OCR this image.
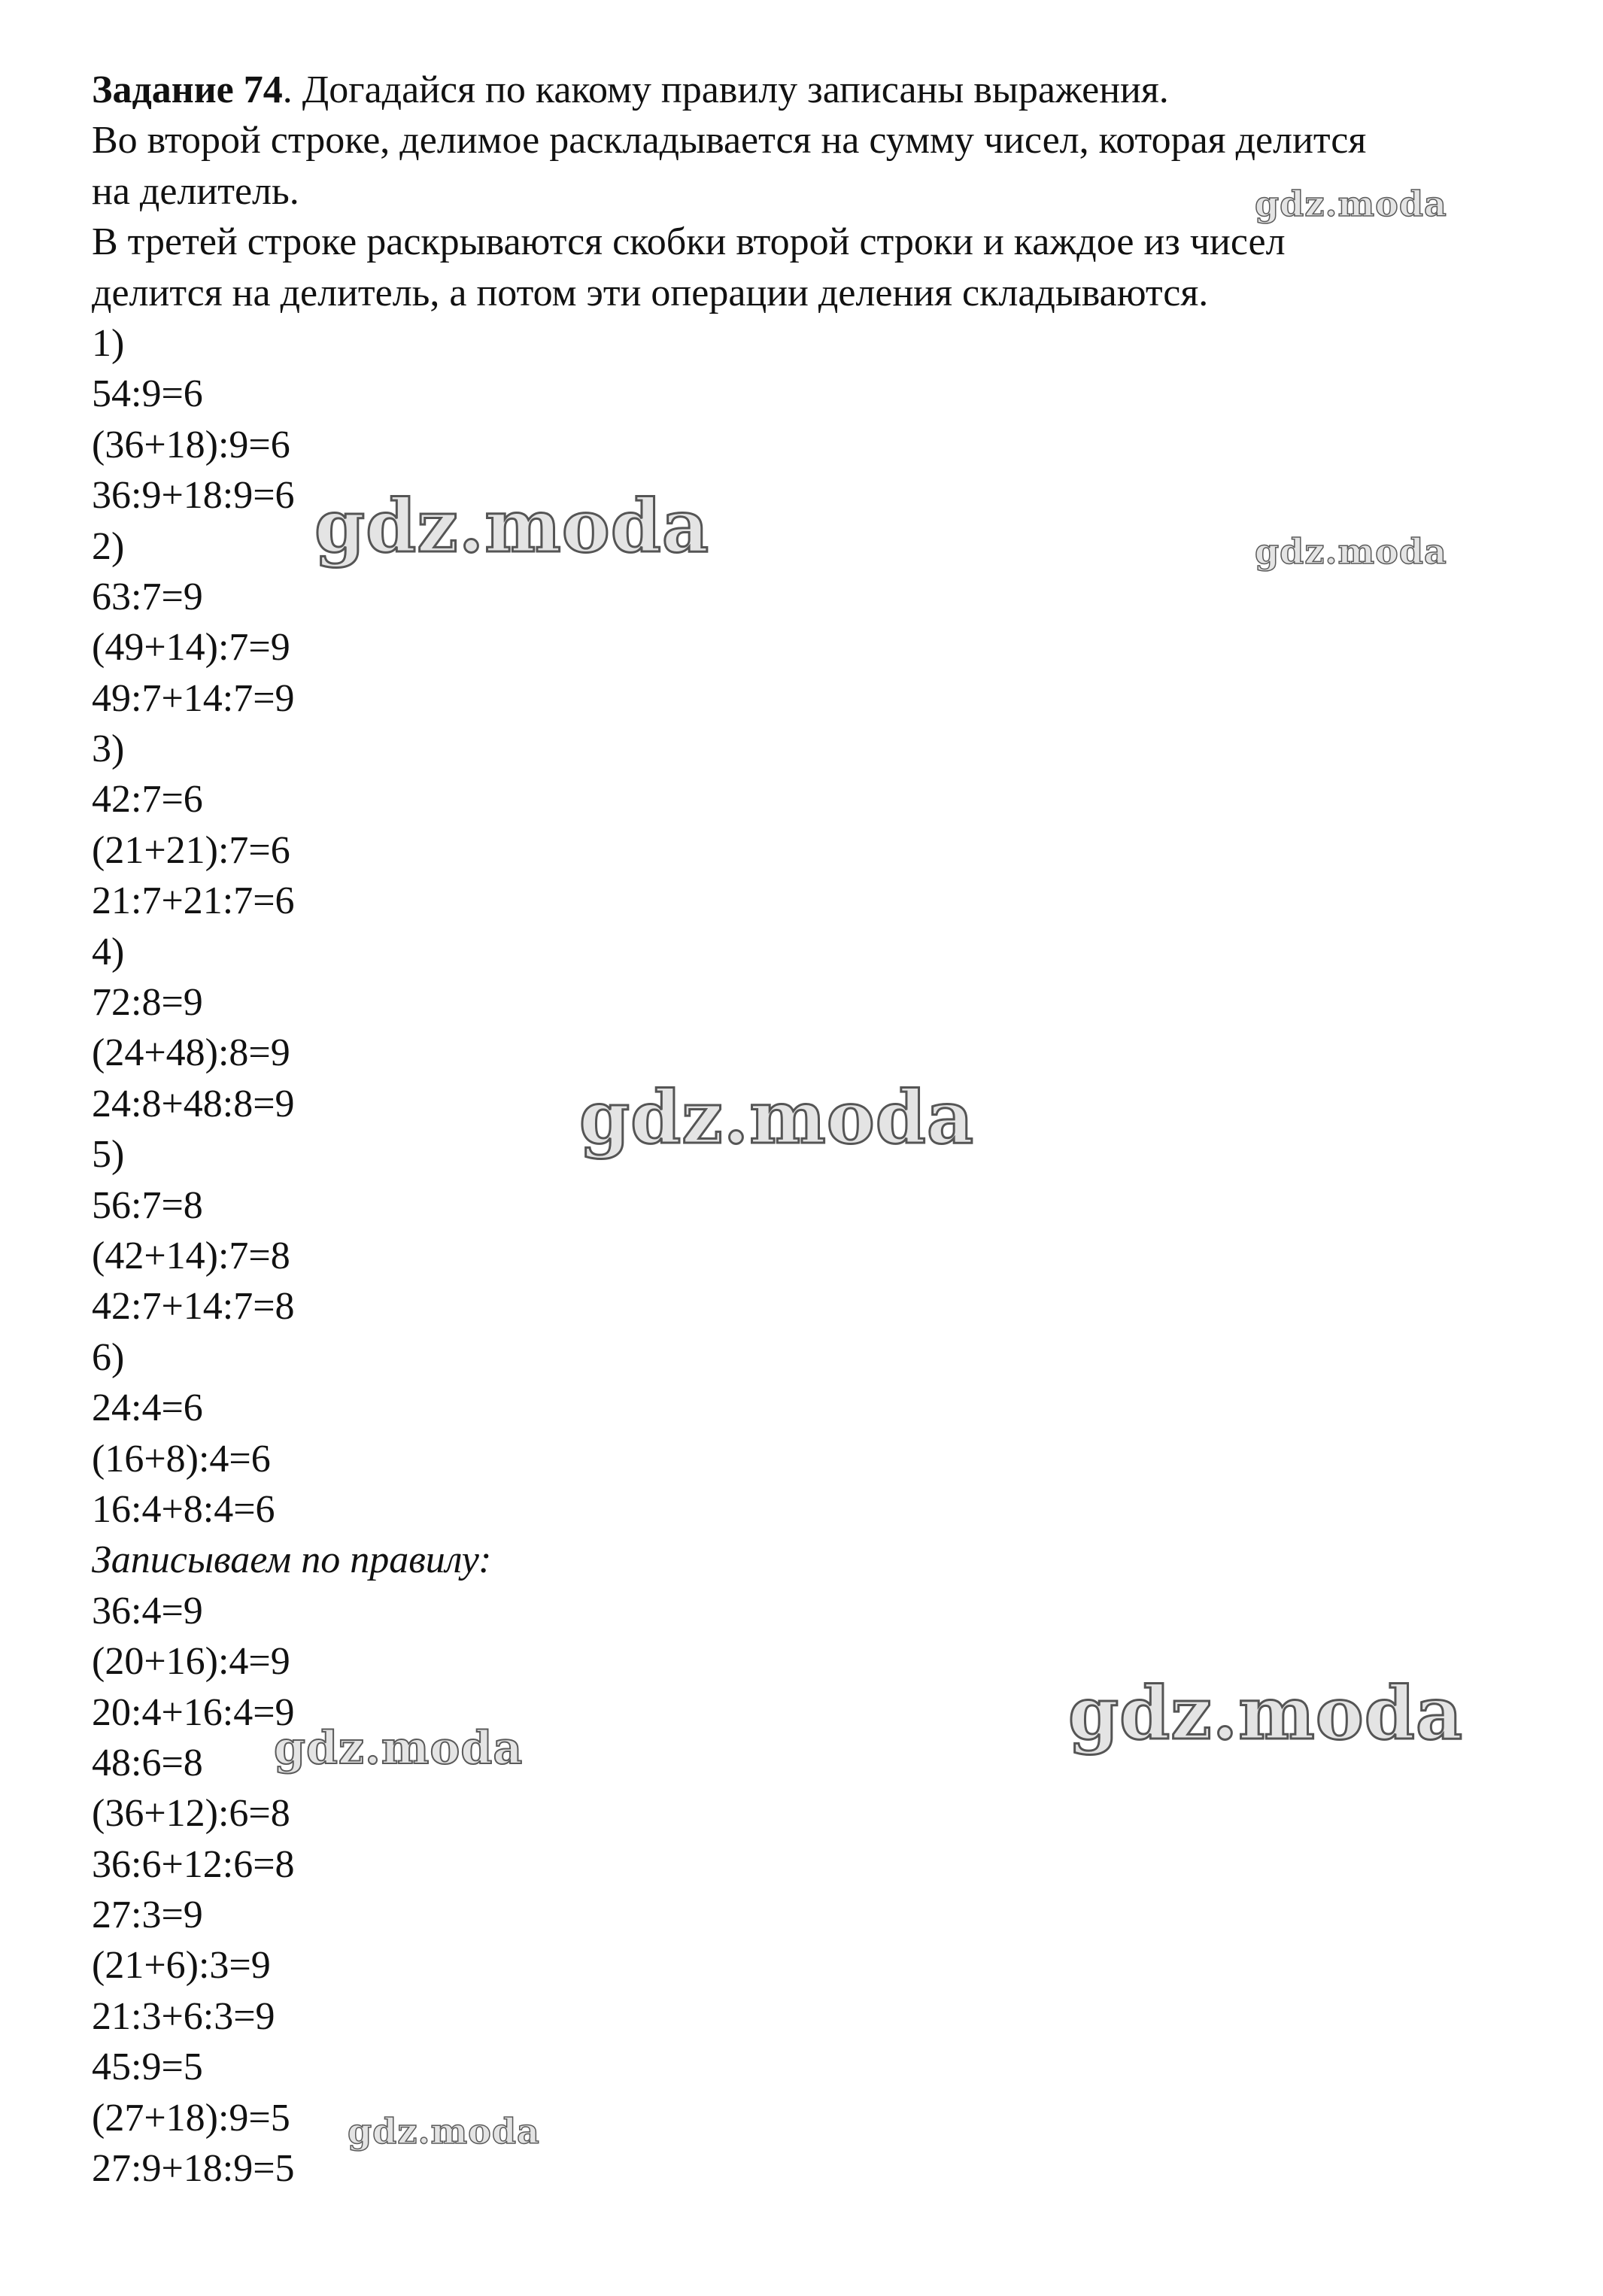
Задание 74. Догадайся по какому правилу записаны выражения.

Во второй строке, делимое раскладывается на сумму чисел, которая делится

на делитель.

В третей строке раскрываются скобки второй строки и каждое из чисел

делится на делитель, а потом эти операции деления складываются.

1)

54:9=6

(36+18):9=6

36:9+18:9=6

2)

63:7=9

(49+14):7=9

49:7+14:7=9

3)

42:7=6

(21+21):7=6

21:7+21:7=6

4)

72:8=9

(24+48):8=9

24:8+48:8=9

5)

56:7=8

(42+14):7=8

42:7+14:7=8

6)

24:4=6

(16+8):4=6

16:4+8:4=6

Записываем по правилу:

36:4=9

(20+16):4=9

20:4+16:4=9

48:6=8

(36+12):6=8

36:6+12:6=8

27:3=9

(21+6):3=9

21:3+6:3=9

45:9=5

(27+18):9=5

27:9+18:9=5

gdz.moda
gdz.moda	gdz.moda
gdz.moda
gdz.moda
gdz.moda
gdz.moda
